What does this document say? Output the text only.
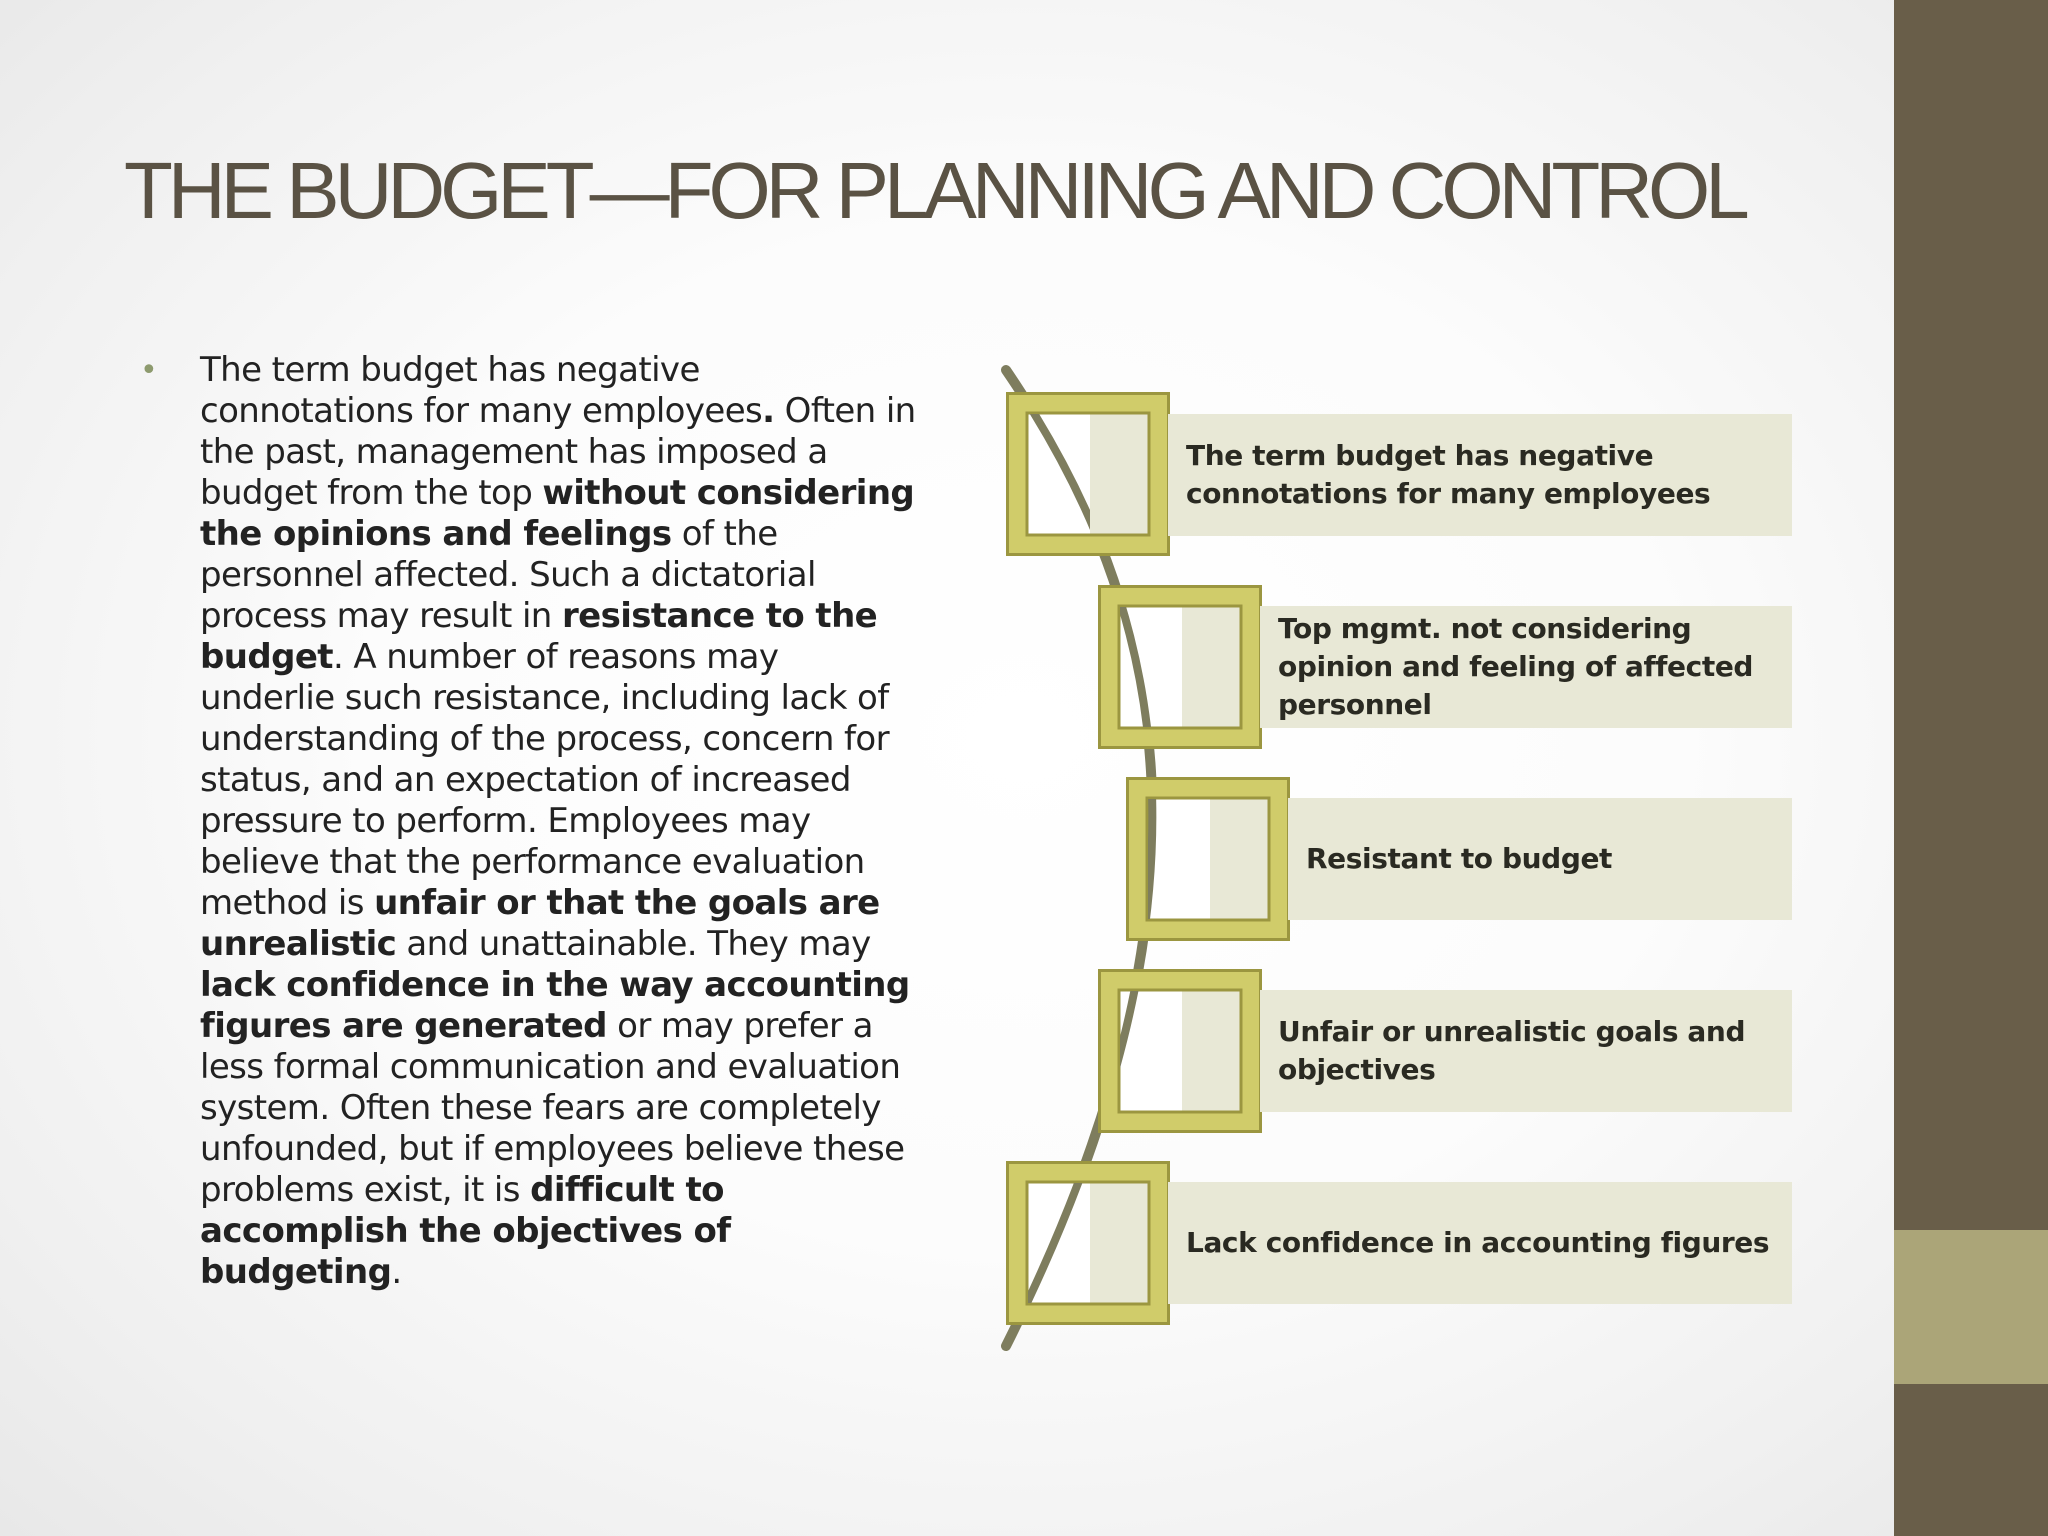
THE BUDGET—FOR PLANNING AND CONTROL
• The term budget has negative connotations for many employees. Often in the past, management has imposed a budget from the top without considering the opinions and feelings of the personnel affected. Such a dictatorial process may result in resistance to the budget. A number of reasons may underlie such resistance, including lack of understanding of the process, concern for status, and an expectation of increased pressure to perform. Employees may believe that the performance evaluation method is unfair or that the goals are unrealistic and unattainable. They may lack confidence in the way accounting figures are generated or may prefer a less formal communication and evaluation system. Often these fears are completely unfounded, but if employees believe these problems exist, it is difficult to accomplish the objectives of budgeting.

The term budget has negative connotations for many employees
Top mgmt. not considering opinion and feeling of affected personnel
Resistant to budget
Unfair or unrealistic goals and objectives
Lack confidence in accounting figures
